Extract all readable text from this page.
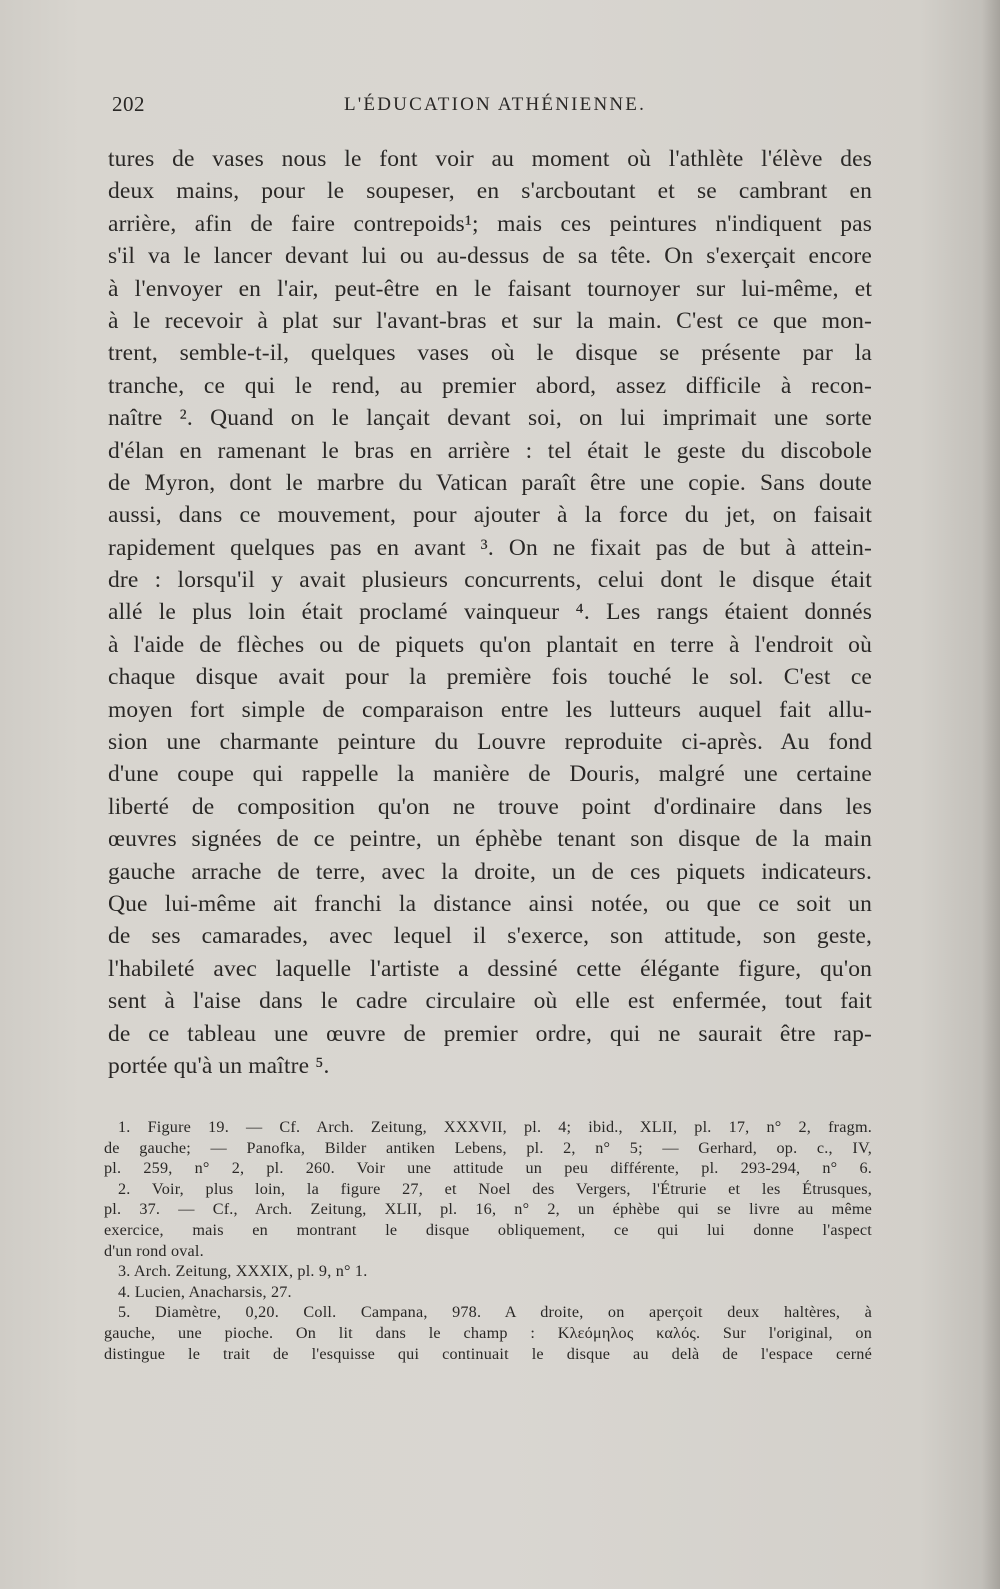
202	L'ÉDUCATION ATHÉNIENNE.
tures de vases nous le font voir au moment où l'athlète l'élève des
deux mains, pour le soupeser, en s'arcboutant et se cambrant en
arrière, afin de faire contrepoids¹; mais ces peintures n'indiquent pas
s'il va le lancer devant lui ou au-dessus de sa tête. On s'exerçait encore
à l'envoyer en l'air, peut-être en le faisant tournoyer sur lui-même, et
à le recevoir à plat sur l'avant-bras et sur la main. C'est ce que mon-
trent, semble-t-il, quelques vases où le disque se présente par la
tranche, ce qui le rend, au premier abord, assez difficile à recon-
naître ². Quand on le lançait devant soi, on lui imprimait une sorte
d'élan en ramenant le bras en arrière : tel était le geste du discobole
de Myron, dont le marbre du Vatican paraît être une copie. Sans doute
aussi, dans ce mouvement, pour ajouter à la force du jet, on faisait
rapidement quelques pas en avant ³. On ne fixait pas de but à attein-
dre : lorsqu'il y avait plusieurs concurrents, celui dont le disque était
allé le plus loin était proclamé vainqueur ⁴. Les rangs étaient donnés
à l'aide de flèches ou de piquets qu'on plantait en terre à l'endroit où
chaque disque avait pour la première fois touché le sol. C'est ce
moyen fort simple de comparaison entre les lutteurs auquel fait allu-
sion une charmante peinture du Louvre reproduite ci-après. Au fond
d'une coupe qui rappelle la manière de Douris, malgré une certaine
liberté de composition qu'on ne trouve point d'ordinaire dans les
œuvres signées de ce peintre, un éphèbe tenant son disque de la main
gauche arrache de terre, avec la droite, un de ces piquets indicateurs.
Que lui-même ait franchi la distance ainsi notée, ou que ce soit un
de ses camarades, avec lequel il s'exerce, son attitude, son geste,
l'habileté avec laquelle l'artiste a dessiné cette élégante figure, qu'on
sent à l'aise dans le cadre circulaire où elle est enfermée, tout fait
de ce tableau une œuvre de premier ordre, qui ne saurait être rap-
portée qu'à un maître ⁵.
1. Figure 19. — Cf. Arch. Zeitung, XXXVII, pl. 4; ibid., XLII, pl. 17, n° 2, fragm.
de gauche; — Panofka, Bilder antiken Lebens, pl. 2, n° 5; — Gerhard, op. c., IV,
pl. 259, n° 2, pl. 260. Voir une attitude un peu différente, pl. 293-294, n° 6.
2. Voir, plus loin, la figure 27, et Noel des Vergers, l'Étrurie et les Étrusques,
pl. 37. — Cf., Arch. Zeitung, XLII, pl. 16, n° 2, un éphèbe qui se livre au même
exercice, mais en montrant le disque obliquement, ce qui lui donne l'aspect
d'un rond oval.
3. Arch. Zeitung, XXXIX, pl. 9, n° 1.
4. Lucien, Anacharsis, 27.
5. Diamètre, 0,20. Coll. Campana, 978. A droite, on aperçoit deux haltères, à
gauche, une pioche. On lit dans le champ : Κλεόμηλος καλός. Sur l'original, on
distingue le trait de l'esquisse qui continuait le disque au delà de l'espace cerné
